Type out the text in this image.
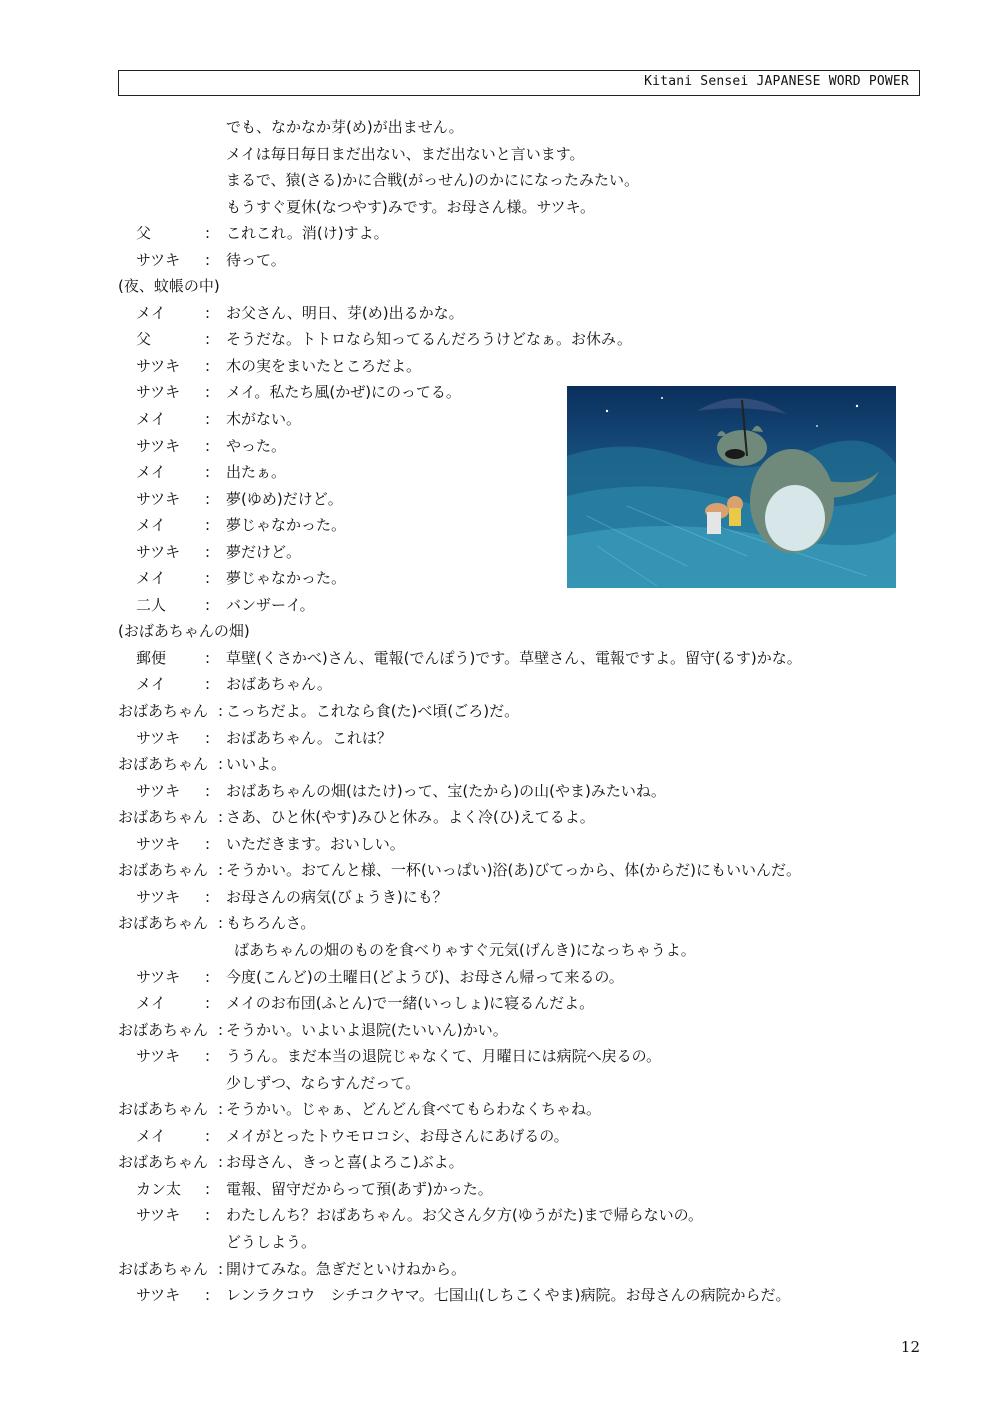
Kitani Sensei JAPANESE WORD POWER
でも、なかなか芽(め)が出ません。
メイは毎日毎日まだ出ない、まだ出ないと言います。
まるで、猿(さる)かに合戦(がっせん)のかにになったみたい。
もうすぐ夏休(なつやす)みです。お母さん様。サツキ。
父	: これこれ。消(け)すよ。
サツキ : 待って。
(夜、蚊帳の中)
メイ	: お父さん、明日、芽(め)出るかな。
父	: そうだな。トトロなら知ってるんだろうけどなぁ。お休み。
サツキ : 木の実をまいたところだよ。
サツキ : メイ。私たち風(かぜ)にのってる。
メイ	: 木がない。
サツキ : やった。
メイ	: 出たぁ。
サツキ : 夢(ゆめ)だけど。
メイ	: 夢じゃなかった。
サツキ : 夢だけど。
メイ	: 夢じゃなかった。
二人	: バンザーイ。
(おばあちゃんの畑)
郵便	: 草壁(くさかべ)さん、電報(でんぽう)です。草壁さん、電報ですよ。留守(るす)かな。
メイ	: おばあちゃん。
おばあちゃん : こっちだよ。これなら食(た)べ頃(ごろ)だ。
サツキ : おばあちゃん。これは？
おばあちゃん : いいよ。
サツキ : おばあちゃんの畑(はたけ)って、宝(たから)の山(やま)みたいね。
おばあちゃん : さあ、ひと休(やす)みひと休み。よく冷(ひ)えてるよ。
サツキ : いただきます。おいしい。
おばあちゃん : そうかい。おてんと様、一杯(いっぱい)浴(あ)びてっから、体(からだ)にもいいんだ。
サツキ : お母さんの病気(びょうき)にも？
おばあちゃん : もちろんさ。
ばあちゃんの畑のものを食べりゃすぐ元気(げんき)になっちゃうよ。
サツキ : 今度(こんど)の土曜日(どようび)、お母さん帰って来るの。
メイ	: メイのお布団(ふとん)で一緒(いっしょ)に寝るんだよ。
おばあちゃん : そうかい。いよいよ退院(たいいん)かい。
サツキ : ううん。まだ本当の退院じゃなくて、月曜日には病院へ戻るの。
少しずつ、ならすんだって。
おばあちゃん : そうかい。じゃぁ、どんどん食べてもらわなくちゃね。
メイ	: メイがとったトウモロコシ、お母さんにあげるの。
おばあちゃん : お母さん、きっと喜(よろこ)ぶよ。
カン太 : 電報、留守だからって預(あず)かった。
サツキ : わたしんち？おばあちゃん。お父さん夕方(ゆうがた)まで帰らないの。
どうしよう。
おばあちゃん : 開けてみな。急ぎだといけねから。
サツキ : レンラクコウ　シチコクヤマ。七国山(しちこくやま)病院。お母さんの病院からだ。
12
